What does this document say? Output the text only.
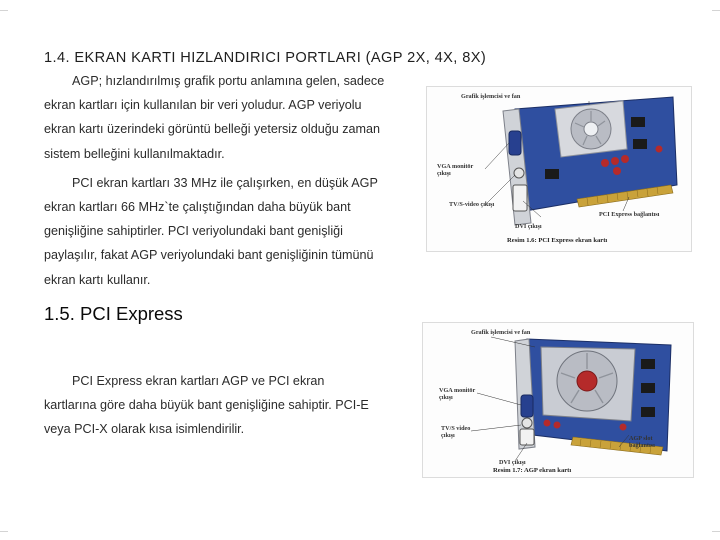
1.4. EKRAN KARTI HIZLANDIRICI PORTLARI (AGP 2X, 4X, 8X)
AGP; hızlandırılmış grafik portu anlamına gelen, sadece
ekran kartları için kullanılan bir veri yoludur. AGP veriyolu
ekran kartı üzerindeki görüntü belleği yetersiz olduğu zaman
sistem belleğini kullanılmaktadır.
PCI ekran kartları 33 MHz ile çalışırken, en düşük AGP
ekran kartları 66 MHz`te çalıştığından daha büyük bant
genişliğine sahiptirler. PCI veriyolundaki bant genişliği
paylaşılır, fakat AGP veriyolundaki bant genişliğinin tümünü
ekran kartı kullanır.
1.5. PCI Express
PCI Express ekran kartları AGP ve PCI ekran
kartlarına göre daha büyük bant genişliğine sahiptir. PCI-E
veya PCI-X olarak kısa isimlendirilir.
Grafik işlemcisi ve fan
VGA monitör
çıkışı
TV/S-video çıkışı
DVI çıkışı
PCI Express bağlantısı
Resim 1.6: PCI Express ekran kartı
Grafik işlemcisi ve fan
VGA monitör
çıkışı
TV/S video
çıkışı
DVI çıkışı
AGP slot
bağlantısı
Resim 1.7: AGP ekran kartı
